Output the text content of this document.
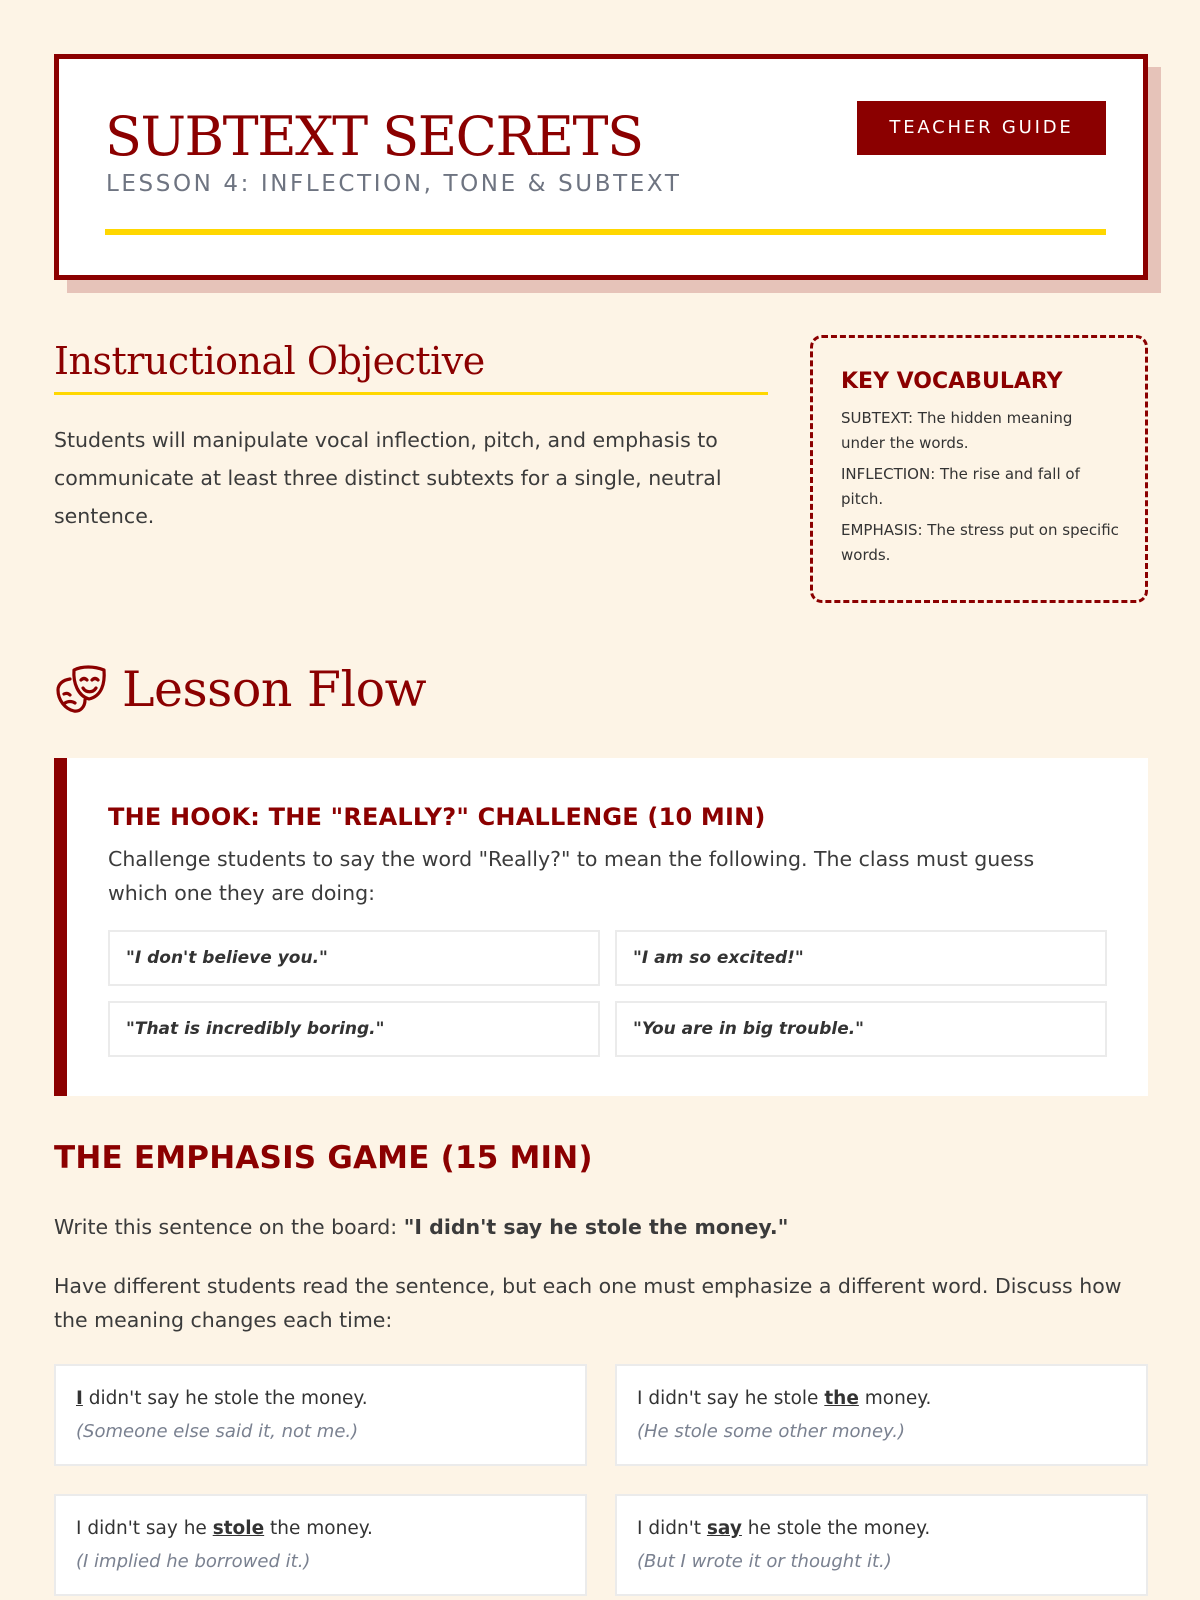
SUBTEXT SECRETS
LESSON 4: INFLECTION, TONE & SUBTEXT
TEACHER GUIDE
Instructional Objective
Students will manipulate vocal inflection, pitch, and emphasis to communicate at least three distinct subtexts for a single, neutral sentence.
KEY VOCABULARY
SUBTEXT: The hidden meaning under the words.
INFLECTION: The rise and fall of pitch.
EMPHASIS: The stress put on specific words.
Lesson Flow
THE HOOK: THE "REALLY?" CHALLENGE (10 MIN)
Challenge students to say the word "Really?" to mean the following. The class must guess which one they are doing:
"I don't believe you."	"I am so excited!"
"That is incredibly boring."	"You are in big trouble."
THE EMPHASIS GAME (15 MIN)
Write this sentence on the board: "I didn't say he stole the money."
Have different students read the sentence, but each one must emphasize a different word. Discuss how the meaning changes each time:
I didn't say he stole the money.
(Someone else said it, not me.)
I didn't say he stole the money.
(He stole some other money.)
I didn't say he stole the money.
(I implied he borrowed it.)
I didn't say he stole the money.
(But I wrote it or thought it.)
